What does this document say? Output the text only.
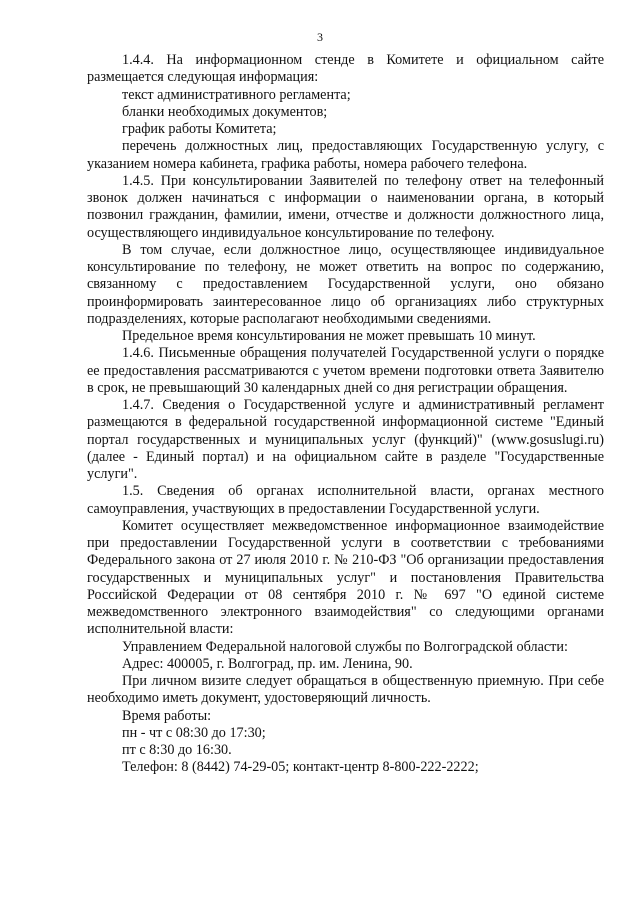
3

1.4.4. На информационном стенде в Комитете и официальном сайте размещается следующая информация:

текст административного регламента;

бланки необходимых документов;

график работы Комитета;

перечень должностных лиц, предоставляющих Государственную услугу, с указанием номера кабинета, графика работы, номера рабочего телефона.

1.4.5. При консультировании Заявителей по телефону ответ на телефонный звонок должен начинаться с информации о наименовании органа, в который позвонил гражданин, фамилии, имени, отчестве и должности должностного лица, осуществляющего индивидуальное консультирование по телефону.

В том случае, если должностное лицо, осуществляющее индивидуальное консультирование по телефону, не может ответить на вопрос по содержанию, связанному с предоставлением Государственной услуги, оно обязано проинформировать заинтересованное лицо об организациях либо структурных подразделениях, которые располагают необходимыми сведениями.

Предельное время консультирования не может превышать 10 минут.

1.4.6. Письменные обращения получателей Государственной услуги о порядке ее предоставления рассматриваются с учетом времени подготовки ответа Заявителю в срок, не превышающий 30 календарных дней со дня регистрации обращения.

1.4.7. Сведения о Государственной услуге и административный регламент размещаются в федеральной государственной информационной системе "Единый портал государственных и муниципальных услуг (функций)" (www.gosuslugi.ru) (далее - Единый портал) и на официальном сайте в разделе "Государственные услуги".

1.5. Сведения об органах исполнительной власти, органах местного самоуправления, участвующих в предоставлении Государственной услуги.

Комитет осуществляет межведомственное информационное взаимодействие при предоставлении Государственной услуги в соответствии с требованиями Федерального закона от 27 июля 2010 г. № 210-ФЗ "Об организации предоставления государственных и муниципальных услуг" и постановления Правительства Российской Федерации от 08 сентября 2010 г. № 697 "О единой системе межведомственного электронного взаимодействия" со следующими органами исполнительной власти:

Управлением Федеральной налоговой службы по Волгоградской области:

Адрес: 400005, г. Волгоград, пр. им. Ленина, 90.

При личном визите следует обращаться в общественную приемную. При себе необходимо иметь документ, удостоверяющий личность.

Время работы:

пн - чт с 08:30 до 17:30;

пт с 8:30 до 16:30.

Телефон: 8 (8442) 74-29-05; контакт-центр 8-800-222-2222;
